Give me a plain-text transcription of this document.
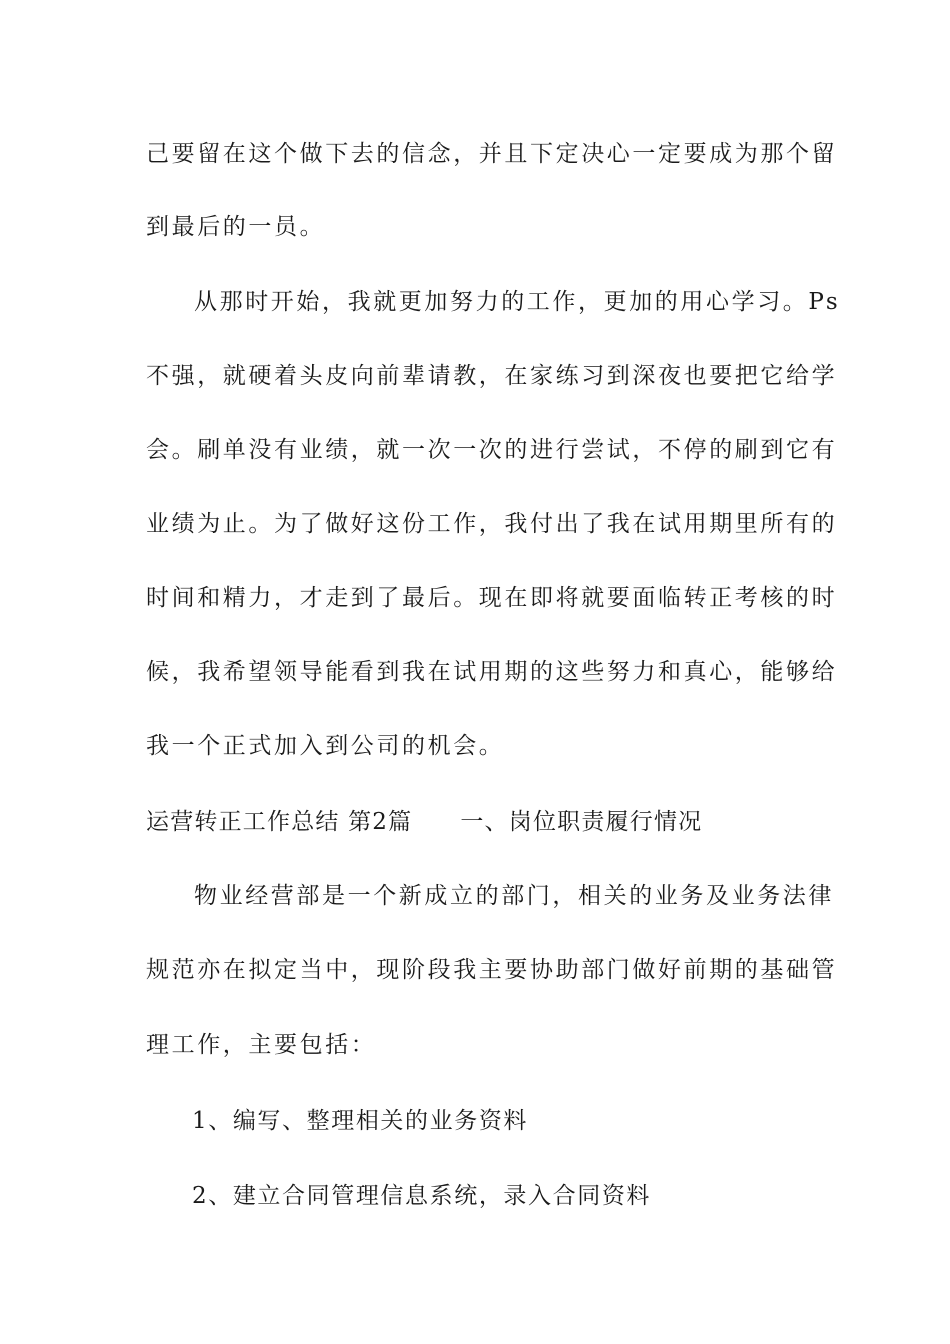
己要留在这个做下去的信念，并且下定决心一定要成为那个留

到最后的一员。

从那时开始，我就更加努力的工作，更加的用心学习。Ps

不强，就硬着头皮向前辈请教，在家练习到深夜也要把它给学

会。刷单没有业绩，就一次一次的进行尝试，不停的刷到它有

业绩为止。为了做好这份工作，我付出了我在试用期里所有的

时间和精力，才走到了最后。现在即将就要面临转正考核的时

候，我希望领导能看到我在试用期的这些努力和真心，能够给

我一个正式加入到公司的机会。

运营转正工作总结 第2篇 一、岗位职责履行情况

物业经营部是一个新成立的部门，相关的业务及业务法律

规范亦在拟定当中，现阶段我主要协助部门做好前期的基础管

理工作，主要包括：

1、编写、整理相关的业务资料

2、建立合同管理信息系统，录入合同资料
